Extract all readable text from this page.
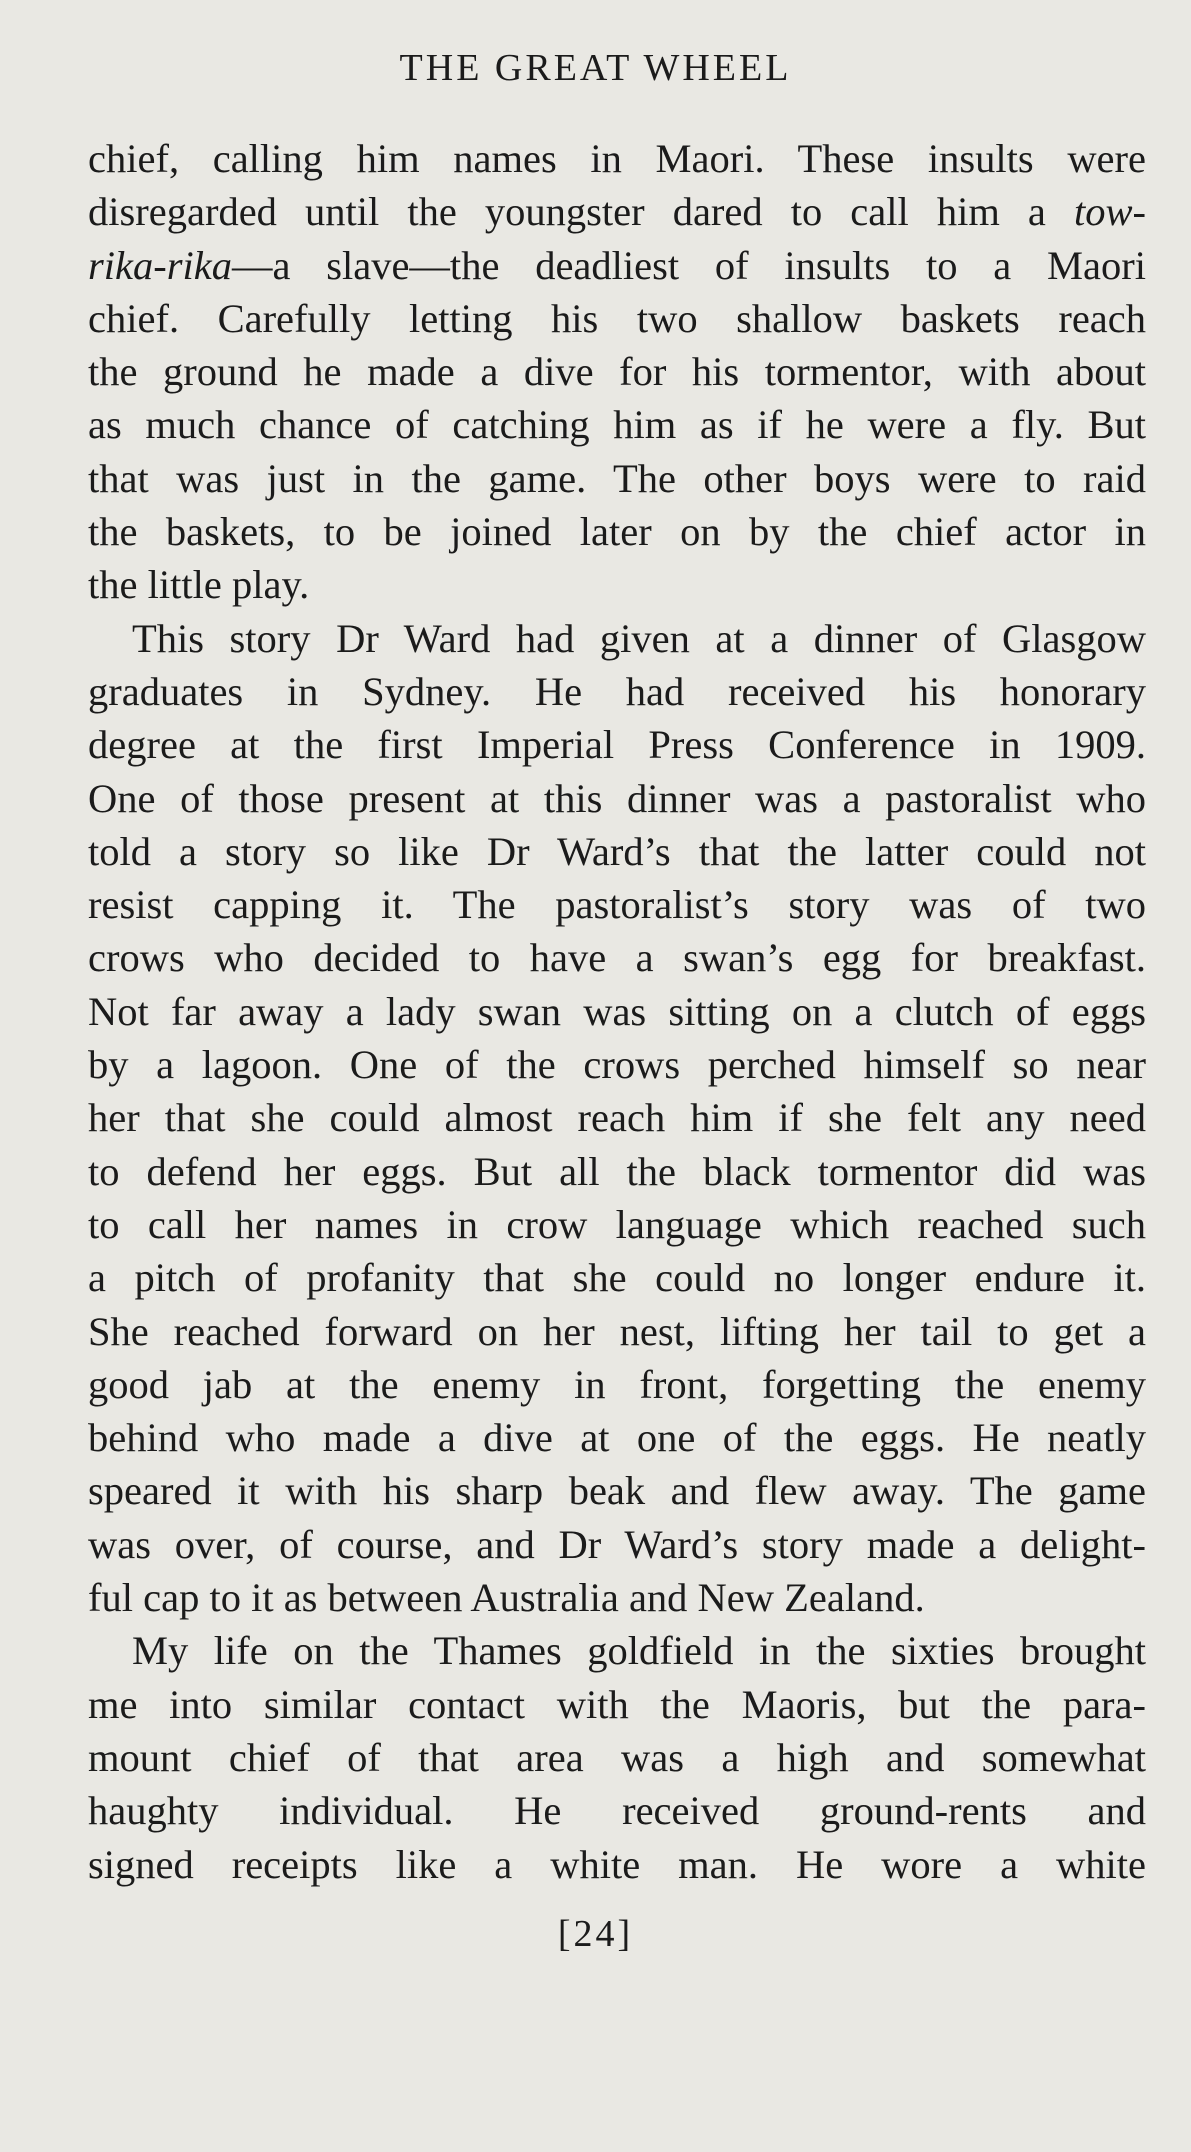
THE GREAT WHEEL
chief, calling him names in Maori. These insults were
disregarded until the youngster dared to call him a tow-
rika-rika—a slave—the deadliest of insults to a Maori
chief. Carefully letting his two shallow baskets reach
the ground he made a dive for his tormentor, with about
as much chance of catching him as if he were a fly. But
that was just in the game. The other boys were to raid
the baskets, to be joined later on by the chief actor in
the little play.
This story Dr Ward had given at a dinner of Glasgow
graduates in Sydney. He had received his honorary
degree at the first Imperial Press Conference in 1909.
One of those present at this dinner was a pastoralist who
told a story so like Dr Ward’s that the latter could not
resist capping it. The pastoralist’s story was of two
crows who decided to have a swan’s egg for breakfast.
Not far away a lady swan was sitting on a clutch of eggs
by a lagoon. One of the crows perched himself so near
her that she could almost reach him if she felt any need
to defend her eggs. But all the black tormentor did was
to call her names in crow language which reached such
a pitch of profanity that she could no longer endure it.
She reached forward on her nest, lifting her tail to get a
good jab at the enemy in front, forgetting the enemy
behind who made a dive at one of the eggs. He neatly
speared it with his sharp beak and flew away. The game
was over, of course, and Dr Ward’s story made a delight-
ful cap to it as between Australia and New Zealand.
My life on the Thames goldfield in the sixties brought
me into similar contact with the Maoris, but the para-
mount chief of that area was a high and somewhat
haughty individual. He received ground-rents and
signed receipts like a white man. He wore a white
[24]
